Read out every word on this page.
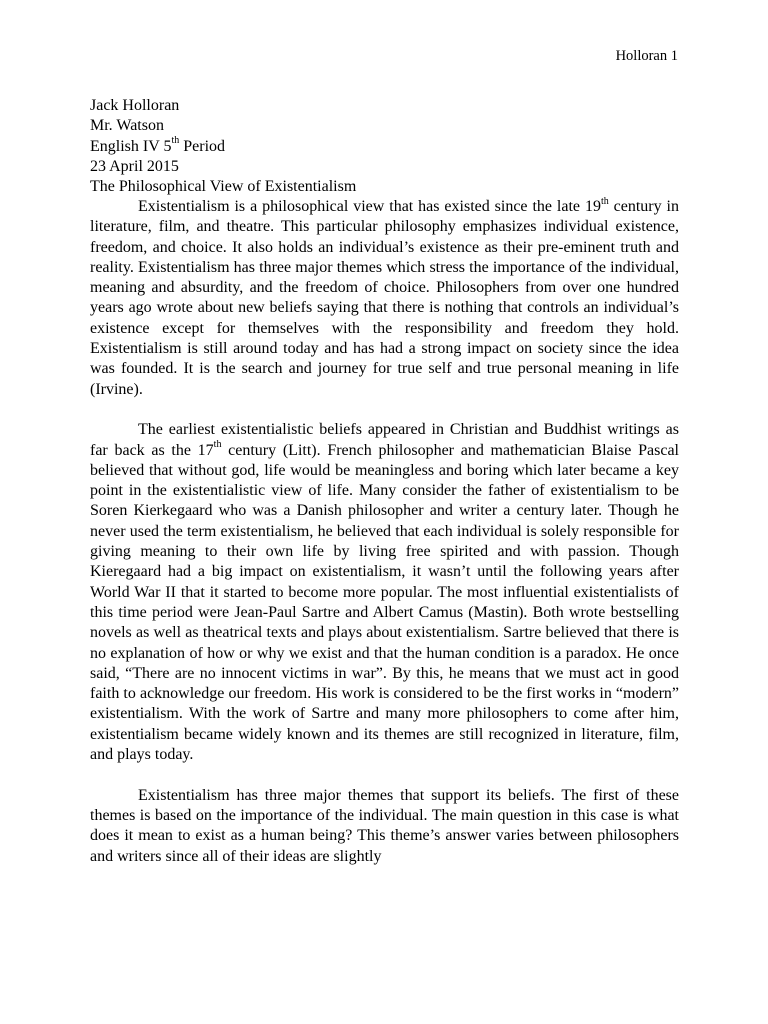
Holloran 1
Jack Holloran
Mr. Watson
English IV 5th Period
23 April 2015
The Philosophical View of Existentialism

Existentialism is a philosophical view that has existed since the late 19th century in literature, film, and theatre. This particular philosophy emphasizes individual existence, freedom, and choice. It also holds an individual’s existence as their pre-eminent truth and reality. Existentialism has three major themes which stress the importance of the individual, meaning and absurdity, and the freedom of choice. Philosophers from over one hundred years ago wrote about new beliefs saying that there is nothing that controls an individual’s existence except for themselves with the responsibility and freedom they hold. Existentialism is still around today and has had a strong impact on society since the idea was founded. It is the search and journey for true self and true personal meaning in life (Irvine).

The earliest existentialistic beliefs appeared in Christian and Buddhist writings as far back as the 17th century (Litt). French philosopher and mathematician Blaise Pascal believed that without god, life would be meaningless and boring which later became a key point in the existentialistic view of life. Many consider the father of existentialism to be Soren Kierkegaard who was a Danish philosopher and writer a century later. Though he never used the term existentialism, he believed that each individual is solely responsible for giving meaning to their own life by living free spirited and with passion. Though Kieregaard had a big impact on existentialism, it wasn’t until the following years after World War II that it started to become more popular. The most influential existentialists of this time period were Jean-Paul Sartre and Albert Camus (Mastin). Both wrote bestselling novels as well as theatrical texts and plays about existentialism. Sartre believed that there is no explanation of how or why we exist and that the human condition is a paradox. He once said, “There are no innocent victims in war”. By this, he means that we must act in good faith to acknowledge our freedom. His work is considered to be the first works in “modern” existentialism. With the work of Sartre and many more philosophers to come after him, existentialism became widely known and its themes are still recognized in literature, film, and plays today.

Existentialism has three major themes that support its beliefs. The first of these themes is based on the importance of the individual. The main question in this case is what does it mean to exist as a human being? This theme’s answer varies between philosophers and writers since all of their ideas are slightly
